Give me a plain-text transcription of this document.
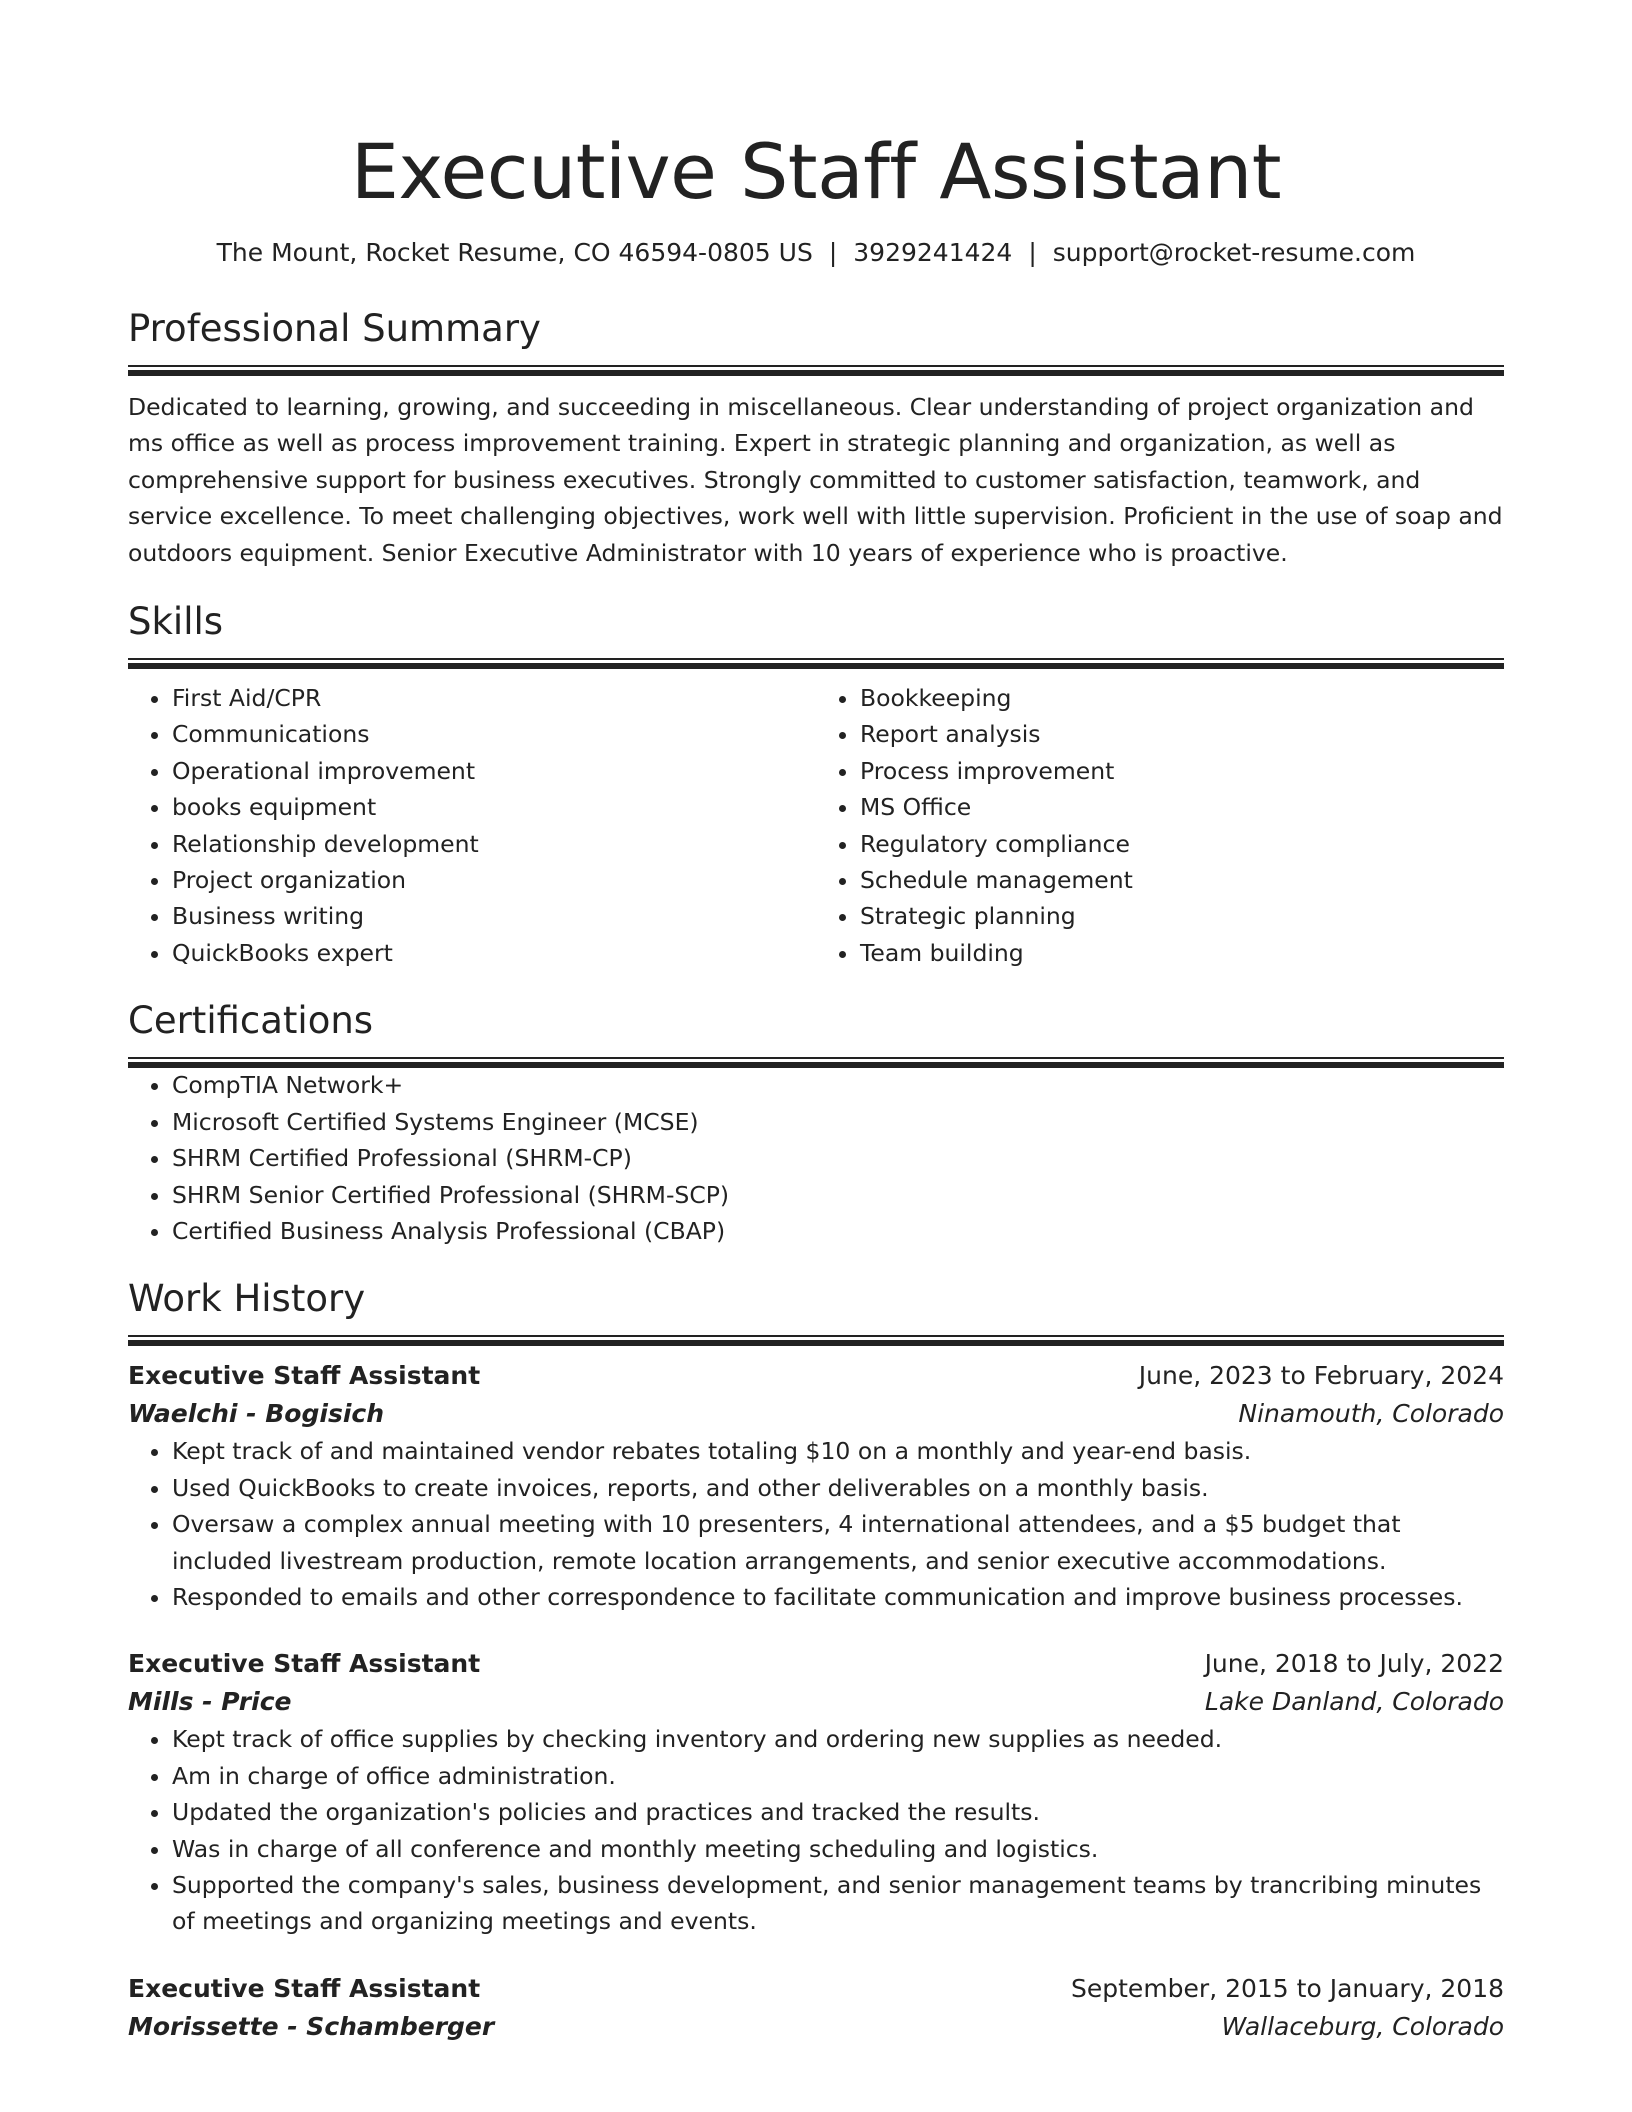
Executive Staff Assistant
The Mount, Rocket Resume, CO 46594-0805 US | 3929241424 | support@rocket-resume.com
Professional Summary
Dedicated to learning, growing, and succeeding in miscellaneous. Clear understanding of project organization and ms office as well as process improvement training. Expert in strategic planning and organization, as well as comprehensive support for business executives. Strongly committed to customer satisfaction, teamwork, and service excellence. To meet challenging objectives, work well with little supervision. Proficient in the use of soap and outdoors equipment. Senior Executive Administrator with 10 years of experience who is proactive.
Skills
• First Aid/CPR
• Communications
• Operational improvement
• books equipment
• Relationship development
• Project organization
• Business writing
• QuickBooks expert
• Bookkeeping
• Report analysis
• Process improvement
• MS Office
• Regulatory compliance
• Schedule management
• Strategic planning
• Team building
Certifications
• CompTIA Network+
• Microsoft Certified Systems Engineer (MCSE)
• SHRM Certified Professional (SHRM-CP)
• SHRM Senior Certified Professional (SHRM-SCP)
• Certified Business Analysis Professional (CBAP)
Work History
Executive Staff Assistant	June, 2023 to February, 2024
Waelchi - Bogisich	Ninamouth, Colorado
• Kept track of and maintained vendor rebates totaling $10 on a monthly and year-end basis.
• Used QuickBooks to create invoices, reports, and other deliverables on a monthly basis.
• Oversaw a complex annual meeting with 10 presenters, 4 international attendees, and a $5 budget that included livestream production, remote location arrangements, and senior executive accommodations.
• Responded to emails and other correspondence to facilitate communication and improve business processes.
Executive Staff Assistant	June, 2018 to July, 2022
Mills - Price	Lake Danland, Colorado
• Kept track of office supplies by checking inventory and ordering new supplies as needed.
• Am in charge of office administration.
• Updated the organization's policies and practices and tracked the results.
• Was in charge of all conference and monthly meeting scheduling and logistics.
• Supported the company's sales, business development, and senior management teams by trancribing minutes of meetings and organizing meetings and events.
Executive Staff Assistant	September, 2015 to January, 2018
Morissette - Schamberger	Wallaceburg, Colorado
